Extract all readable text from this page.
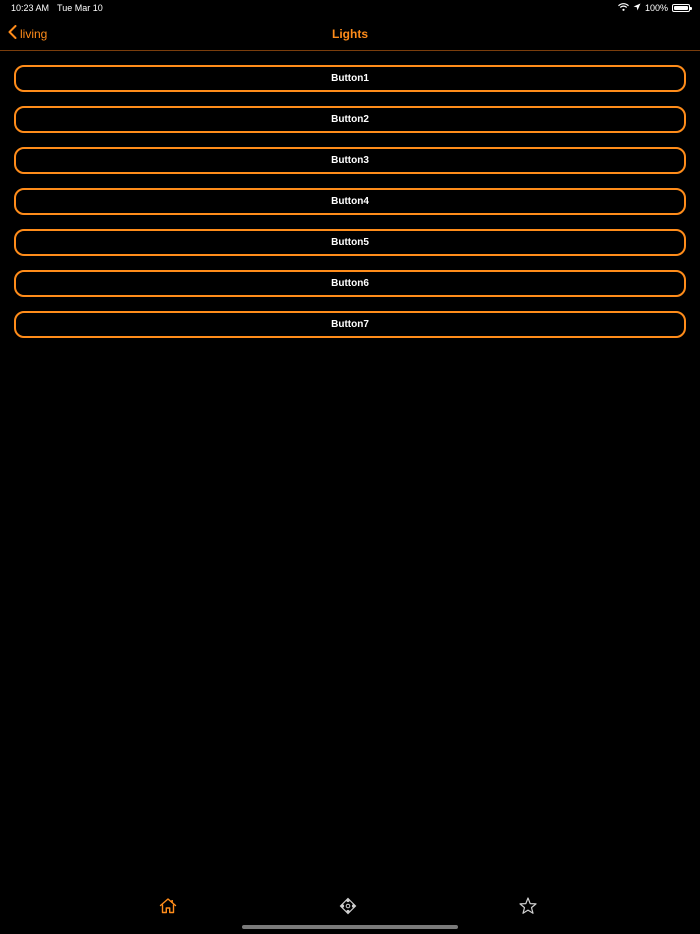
10:23 AM Tue Mar 10	100%
living	Lights
Button1
Button2
Button3
Button4
Button5
Button6
Button7
